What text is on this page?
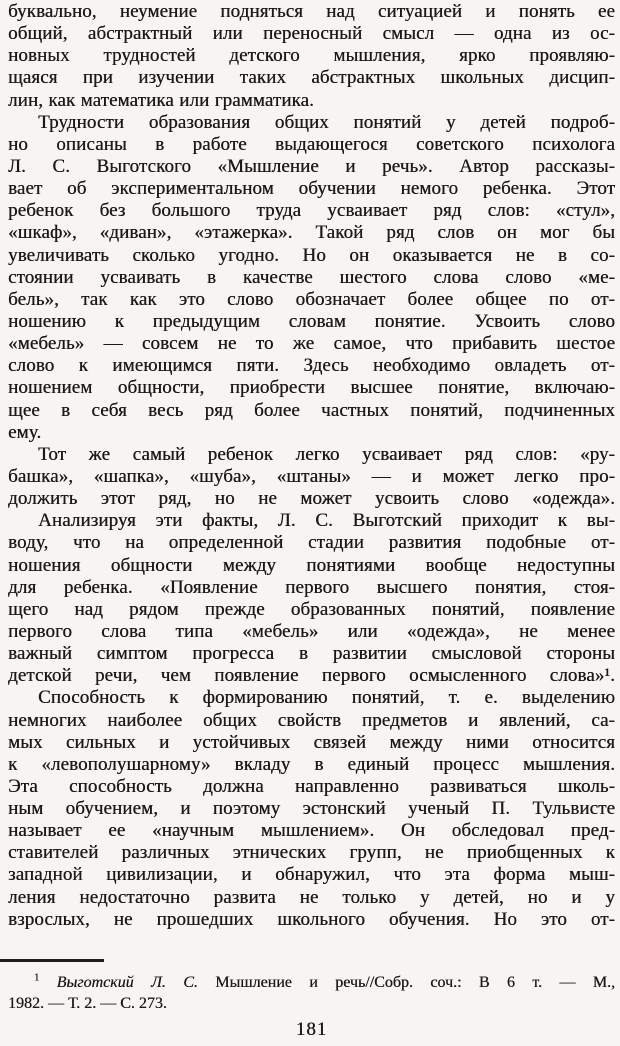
буквально, неумение подняться над ситуацией и понять ее
общий, абстрактный или переносный смысл — одна из ос-
новных трудностей детского мышления, ярко проявляю-
щаяся при изучении таких абстрактных школьных дисцип-
лин, как математика или грамматика.
Трудности образования общих понятий у детей подроб-
но описаны в работе выдающегося советского психолога
Л. С. Выготского «Мышление и речь». Автор рассказы-
вает об экспериментальном обучении немого ребенка. Этот
ребенок без большого труда усваивает ряд слов: «стул»,
«шкаф», «диван», «этажерка». Такой ряд слов он мог бы
увеличивать сколько угодно. Но он оказывается не в со-
стоянии усваивать в качестве шестого слова слово «ме-
бель», так как это слово обозначает более общее по от-
ношению к предыдущим словам понятие. Усвоить слово
«мебель» — совсем не то же самое, что прибавить шестое
слово к имеющимся пяти. Здесь необходимо овладеть от-
ношением общности, приобрести высшее понятие, включаю-
щее в себя весь ряд более частных понятий, подчиненных
ему.
Тот же самый ребенок легко усваивает ряд слов: «ру-
башка», «шапка», «шуба», «штаны» — и может легко про-
должить этот ряд, но не может усвоить слово «одежда».
Анализируя эти факты, Л. С. Выготский приходит к вы-
воду, что на определенной стадии развития подобные от-
ношения общности между понятиями вообще недоступны
для ребенка. «Появление первого высшего понятия, стоя-
щего над рядом прежде образованных понятий, появление
первого слова типа «мебель» или «одежда», не менее
важный симптом прогресса в развитии смысловой стороны
детской речи, чем появление первого осмысленного слова»¹.
Способность к формированию понятий, т. е. выделению
немногих наиболее общих свойств предметов и явлений, са-
мых сильных и устойчивых связей между ними относится
к «левополушарному» вкладу в единый процесс мышления.
Эта способность должна направленно развиваться школь-
ным обучением, и поэтому эстонский ученый П. Тульвисте
называет ее «научным мышлением». Он обследовал пред-
ставителей различных этнических групп, не приобщенных к
западной цивилизации, и обнаружил, что эта форма мыш-
ления недостаточно развита не только у детей, но и у
взрослых, не прошедших школьного обучения. Но это от-
$^1$ Выготский Л. С. Мышление и речь//Собр. соч.: В 6 т. — М.,
1982. — Т. 2. — С. 273.
181
